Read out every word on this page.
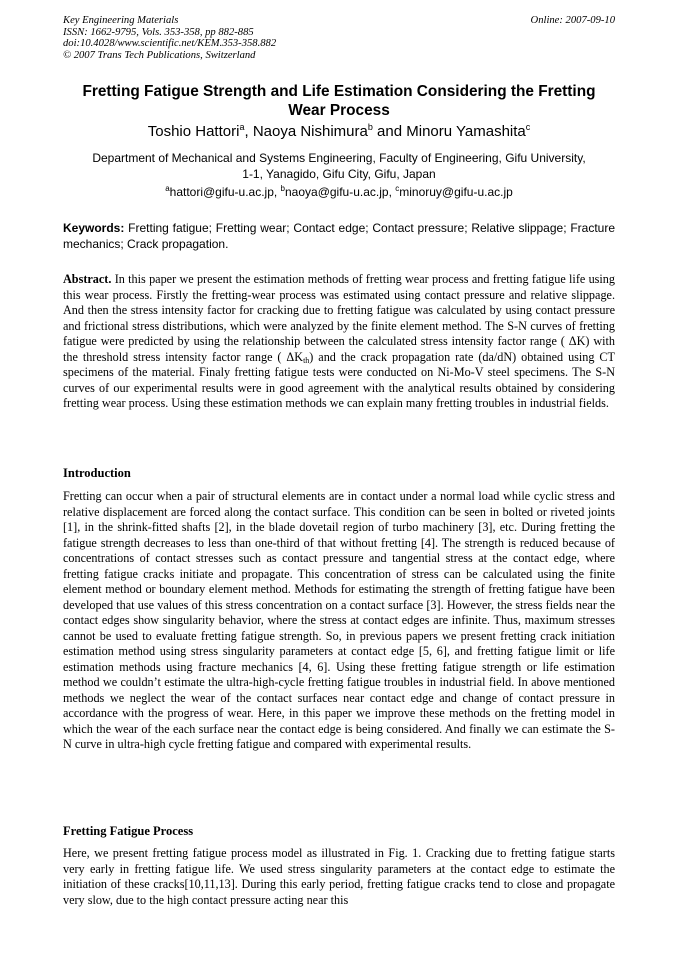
Key Engineering Materials
ISSN: 1662-9795, Vols. 353-358, pp 882-885
doi:10.4028/www.scientific.net/KEM.353-358.882
© 2007 Trans Tech Publications, Switzerland
Online: 2007-09-10
Fretting Fatigue Strength and Life Estimation Considering the Fretting Wear Process
Toshio Hattori$^a$, Naoya Nishimura$^b$ and Minoru Yamashita$^c$
Department of Mechanical and Systems Engineering, Faculty of Engineering, Gifu University,
1-1, Yanagido, Gifu City, Gifu, Japan
$^a$hattori@gifu-u.ac.jp, $^b$naoya@gifu-u.ac.jp, $^c$minoruy@gifu-u.ac.jp
Keywords: Fretting fatigue; Fretting wear; Contact edge; Contact pressure; Relative slippage; Fracture mechanics; Crack propagation.
Abstract. In this paper we present the estimation methods of fretting wear process and fretting fatigue life using this wear process. Firstly the fretting-wear process was estimated using contact pressure and relative slippage. And then the stress intensity factor for cracking due to fretting fatigue was calculated by using contact pressure and frictional stress distributions, which were analyzed by the finite element method. The S-N curves of fretting fatigue were predicted by using the relationship between the calculated stress intensity factor range ( ΔK) with the threshold stress intensity factor range ( $\Delta K_{th}$) and the crack propagation rate (da/dN) obtained using CT specimens of the material. Finaly fretting fatigue tests were conducted on Ni-Mo-V steel specimens. The S-N curves of our experimental results were in good agreement with the analytical results obtained by considering fretting wear process. Using these estimation methods we can explain many fretting troubles in industrial fields.
Introduction
Fretting can occur when a pair of structural elements are in contact under a normal load while cyclic stress and relative displacement are forced along the contact surface. This condition can be seen in bolted or riveted joints [1], in the shrink-fitted shafts [2], in the blade dovetail region of turbo machinery [3], etc. During fretting the fatigue strength decreases to less than one-third of that without fretting [4]. The strength is reduced because of concentrations of contact stresses such as contact pressure and tangential stress at the contact edge, where fretting fatigue cracks initiate and propagate. This concentration of stress can be calculated using the finite element method or boundary element method. Methods for estimating the strength of fretting fatigue have been developed that use values of this stress concentration on a contact surface [3]. However, the stress fields near the contact edges show singularity behavior, where the stress at contact edges are infinite. Thus, maximum stresses cannot be used to evaluate fretting fatigue strength. So, in previous papers we present fretting crack initiation estimation method using stress singularity parameters at contact edge [5, 6], and fretting fatigue limit or life estimation methods using fracture mechanics [4, 6]. Using these fretting fatigue strength or life estimation method we couldn’t estimate the ultra-high-cycle fretting fatigue troubles in industrial field. In above mentioned methods we neglect the wear of the contact surfaces near contact edge and change of contact pressure in accordance with the progress of wear. Here, in this paper we improve these methods on the fretting model in which the wear of the each surface near the contact edge is being considered. And finally we can estimate the S-N curve in ultra-high cycle fretting fatigue and compared with experimental results.
Fretting Fatigue Process
Here, we present fretting fatigue process model as illustrated in Fig. 1. Cracking due to fretting fatigue starts very early in fretting fatigue life. We used stress singularity parameters at the contact edge to estimate the initiation of these cracks[10,11,13]. During this early period, fretting fatigue cracks tend to close and propagate very slow, due to the high contact pressure acting near this
